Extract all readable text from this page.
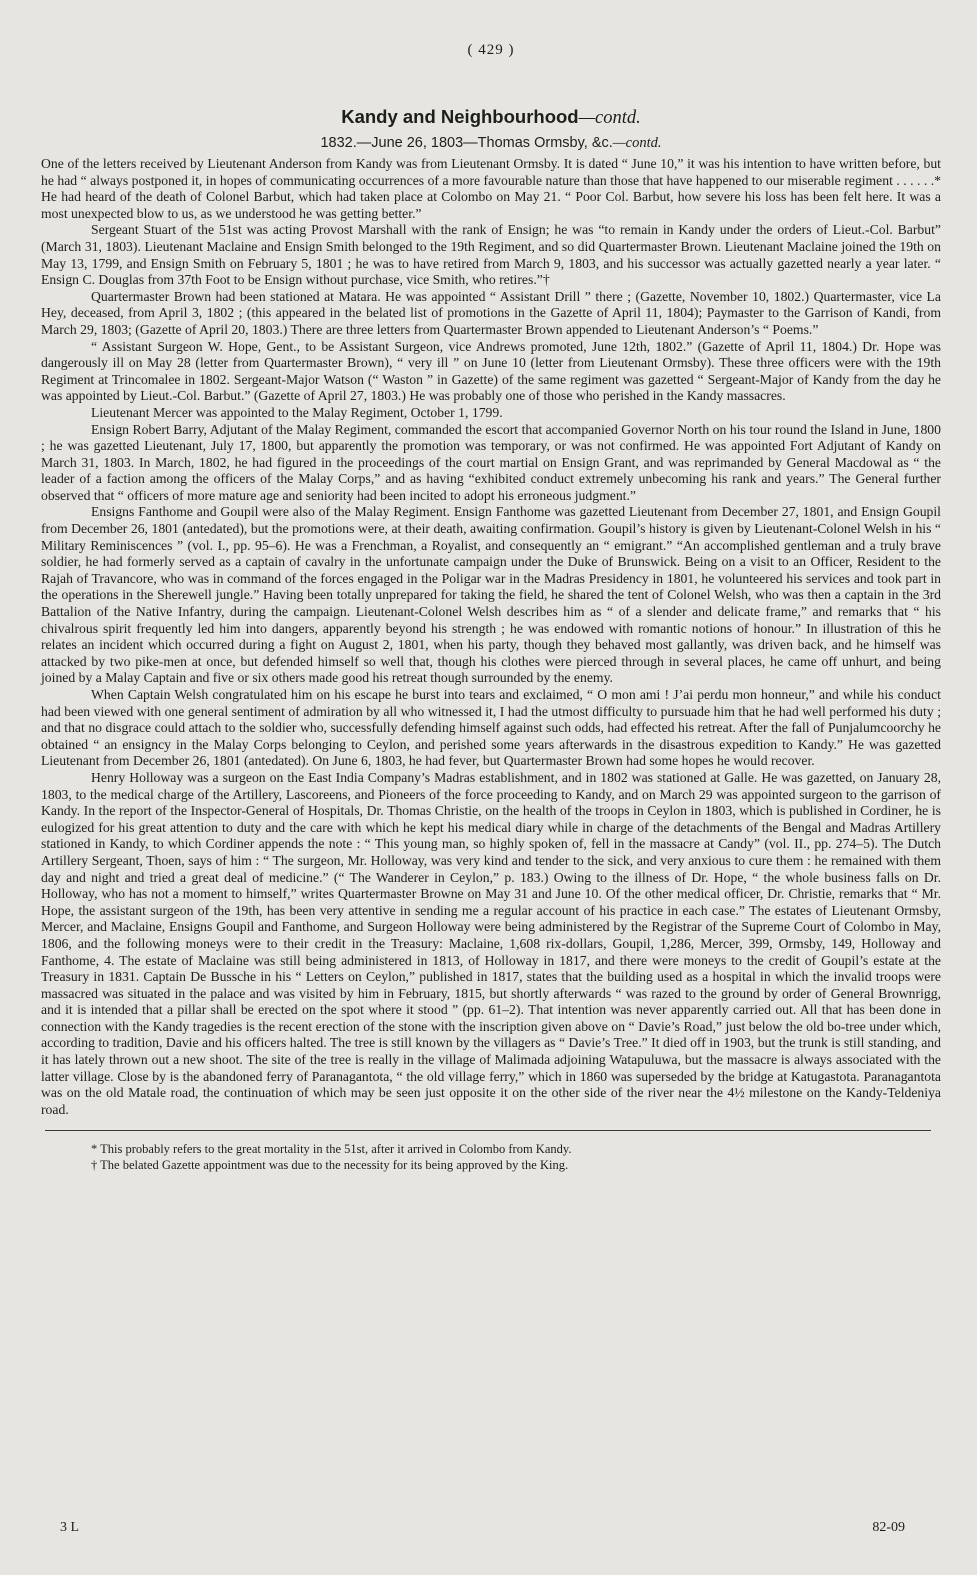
( 429 )
Kandy and Neighbourhood—contd.
1832.—June 26, 1803—Thomas Ormsby, &c.—contd.

One of the letters received by Lieutenant Anderson from Kandy was from Lieutenant Ormsby. It is dated “ June 10,” it was his intention to have written before, but he had “ always postponed it, in hopes of communicating occurrences of a more favourable nature than those that have happened to our miserable regiment . . . . . .* He had heard of the death of Colonel Barbut, which had taken place at Colombo on May 21. “ Poor Col. Barbut, how severe his loss has been felt here. It was a most unexpected blow to us, as we understood he was getting better.”

Sergeant Stuart of the 51st was acting Provost Marshall with the rank of Ensign; he was “to remain in Kandy under the orders of Lieut.-Col. Barbut” (March 31, 1803). Lieutenant Maclaine and Ensign Smith belonged to the 19th Regiment, and so did Quartermaster Brown. Lieutenant Maclaine joined the 19th on May 13, 1799, and Ensign Smith on February 5, 1801 ; he was to have retired from March 9, 1803, and his successor was actually gazetted nearly a year later. “ Ensign C. Douglas from 37th Foot to be Ensign without purchase, vice Smith, who retires.”†

Quartermaster Brown had been stationed at Matara. He was appointed “ Assistant Drill ” there ; (Gazette, November 10, 1802.) Quartermaster, vice La Hey, deceased, from April 3, 1802 ; (this appeared in the belated list of promotions in the Gazette of April 11, 1804); Paymaster to the Garrison of Kandi, from March 29, 1803; (Gazette of April 20, 1803.) There are three letters from Quartermaster Brown appended to Lieutenant Anderson’s “ Poems.”

“ Assistant Surgeon W. Hope, Gent., to be Assistant Surgeon, vice Andrews promoted, June 12th, 1802.” (Gazette of April 11, 1804.) Dr. Hope was dangerously ill on May 28 (letter from Quartermaster Brown), “ very ill ” on June 10 (letter from Lieutenant Ormsby). These three officers were with the 19th Regiment at Trincomalee in 1802. Sergeant-Major Watson (“ Waston ” in Gazette) of the same regiment was gazetted “ Sergeant-Major of Kandy from the day he was appointed by Lieut.-Col. Barbut.” (Gazette of April 27, 1803.) He was probably one of those who perished in the Kandy massacres.

Lieutenant Mercer was appointed to the Malay Regiment, October 1, 1799.

Ensign Robert Barry, Adjutant of the Malay Regiment, commanded the escort that accompanied Governor North on his tour round the Island in June, 1800 ; he was gazetted Lieutenant, July 17, 1800, but apparently the promotion was temporary, or was not confirmed. He was appointed Fort Adjutant of Kandy on March 31, 1803. In March, 1802, he had figured in the proceedings of the court martial on Ensign Grant, and was reprimanded by General Macdowal as “ the leader of a faction among the officers of the Malay Corps,” and as having “exhibited conduct extremely unbecoming his rank and years.” The General further observed that “ officers of more mature age and seniority had been incited to adopt his erroneous judgment.”

Ensigns Fanthome and Goupil were also of the Malay Regiment. Ensign Fanthome was gazetted Lieutenant from December 27, 1801, and Ensign Goupil from December 26, 1801 (antedated), but the promotions were, at their death, awaiting confirmation. Goupil’s history is given by Lieutenant-Colonel Welsh in his “ Military Reminiscences ” (vol. I., pp. 95–6). He was a Frenchman, a Royalist, and consequently an “ emigrant.” “An accomplished gentleman and a truly brave soldier, he had formerly served as a captain of cavalry in the unfortunate campaign under the Duke of Brunswick. Being on a visit to an Officer, Resident to the Rajah of Travancore, who was in command of the forces engaged in the Poligar war in the Madras Presidency in 1801, he volunteered his services and took part in the operations in the Sherewell jungle.” Having been totally unprepared for taking the field, he shared the tent of Colonel Welsh, who was then a captain in the 3rd Battalion of the Native Infantry, during the campaign. Lieutenant-Colonel Welsh describes him as “ of a slender and delicate frame,” and remarks that “ his chivalrous spirit frequently led him into dangers, apparently beyond his strength ; he was endowed with romantic notions of honour.” In illustration of this he relates an incident which occurred during a fight on August 2, 1801, when his party, though they behaved most gallantly, was driven back, and he himself was attacked by two pike-men at once, but defended himself so well that, though his clothes were pierced through in several places, he came off unhurt, and being joined by a Malay Captain and five or six others made good his retreat though surrounded by the enemy.

When Captain Welsh congratulated him on his escape he burst into tears and exclaimed, “ O mon ami ! J’ai perdu mon honneur,” and while his conduct had been viewed with one general sentiment of admiration by all who witnessed it, I had the utmost difficulty to pursuade him that he had well performed his duty ; and that no disgrace could attach to the soldier who, successfully defending himself against such odds, had effected his retreat. After the fall of Punjalumcoorchy he obtained “ an ensigncy in the Malay Corps belonging to Ceylon, and perished some years afterwards in the disastrous expedition to Kandy.” He was gazetted Lieutenant from December 26, 1801 (antedated). On June 6, 1803, he had fever, but Quartermaster Brown had some hopes he would recover.

Henry Holloway was a surgeon on the East India Company’s Madras establishment, and in 1802 was stationed at Galle. He was gazetted, on January 28, 1803, to the medical charge of the Artillery, Lascoreens, and Pioneers of the force proceeding to Kandy, and on March 29 was appointed surgeon to the garrison of Kandy. In the report of the Inspector-General of Hospitals, Dr. Thomas Christie, on the health of the troops in Ceylon in 1803, which is published in Cordiner, he is eulogized for his great attention to duty and the care with which he kept his medical diary while in charge of the detachments of the Bengal and Madras Artillery stationed in Kandy, to which Cordiner appends the note : “ This young man, so highly spoken of, fell in the massacre at Candy” (vol. II., pp. 274–5). The Dutch Artillery Sergeant, Thoen, says of him : “ The surgeon, Mr. Holloway, was very kind and tender to the sick, and very anxious to cure them : he remained with them day and night and tried a great deal of medicine.” (“ The Wanderer in Ceylon,” p. 183.) Owing to the illness of Dr. Hope, “ the whole business falls on Dr. Holloway, who has not a moment to himself,” writes Quartermaster Browne on May 31 and June 10. Of the other medical officer, Dr. Christie, remarks that “ Mr. Hope, the assistant surgeon of the 19th, has been very attentive in sending me a regular account of his practice in each case.” The estates of Lieutenant Ormsby, Mercer, and Maclaine, Ensigns Goupil and Fanthome, and Surgeon Holloway were being administered by the Registrar of the Supreme Court of Colombo in May, 1806, and the following moneys were to their credit in the Treasury: Maclaine, 1,608 rix-dollars, Goupil, 1,286, Mercer, 399, Ormsby, 149, Holloway and Fanthome, 4. The estate of Maclaine was still being administered in 1813, of Holloway in 1817, and there were moneys to the credit of Goupil’s estate at the Treasury in 1831. Captain De Bussche in his “ Letters on Ceylon,” published in 1817, states that the building used as a hospital in which the invalid troops were massacred was situated in the palace and was visited by him in February, 1815, but shortly afterwards “ was razed to the ground by order of General Brownrigg, and it is intended that a pillar shall be erected on the spot where it stood ” (pp. 61–2). That intention was never apparently carried out. All that has been done in connection with the Kandy tragedies is the recent erection of the stone with the inscription given above on “ Davie’s Road,” just below the old bo-tree under which, according to tradition, Davie and his officers halted. The tree is still known by the villagers as “ Davie’s Tree.” It died off in 1903, but the trunk is still standing, and it has lately thrown out a new shoot. The site of the tree is really in the village of Malimada adjoining Watapuluwa, but the massacre is always associated with the latter village. Close by is the abandoned ferry of Paranagantota, “ the old village ferry,” which in 1860 was superseded by the bridge at Katugastota. Paranagantota was on the old Matale road, the continuation of which may be seen just opposite it on the other side of the river near the 4½ milestone on the Kandy-Teldeniya road.

* This probably refers to the great mortality in the 51st, after it arrived in Colombo from Kandy.

† The belated Gazette appointment was due to the necessity for its being approved by the King.

3 L	82-09
